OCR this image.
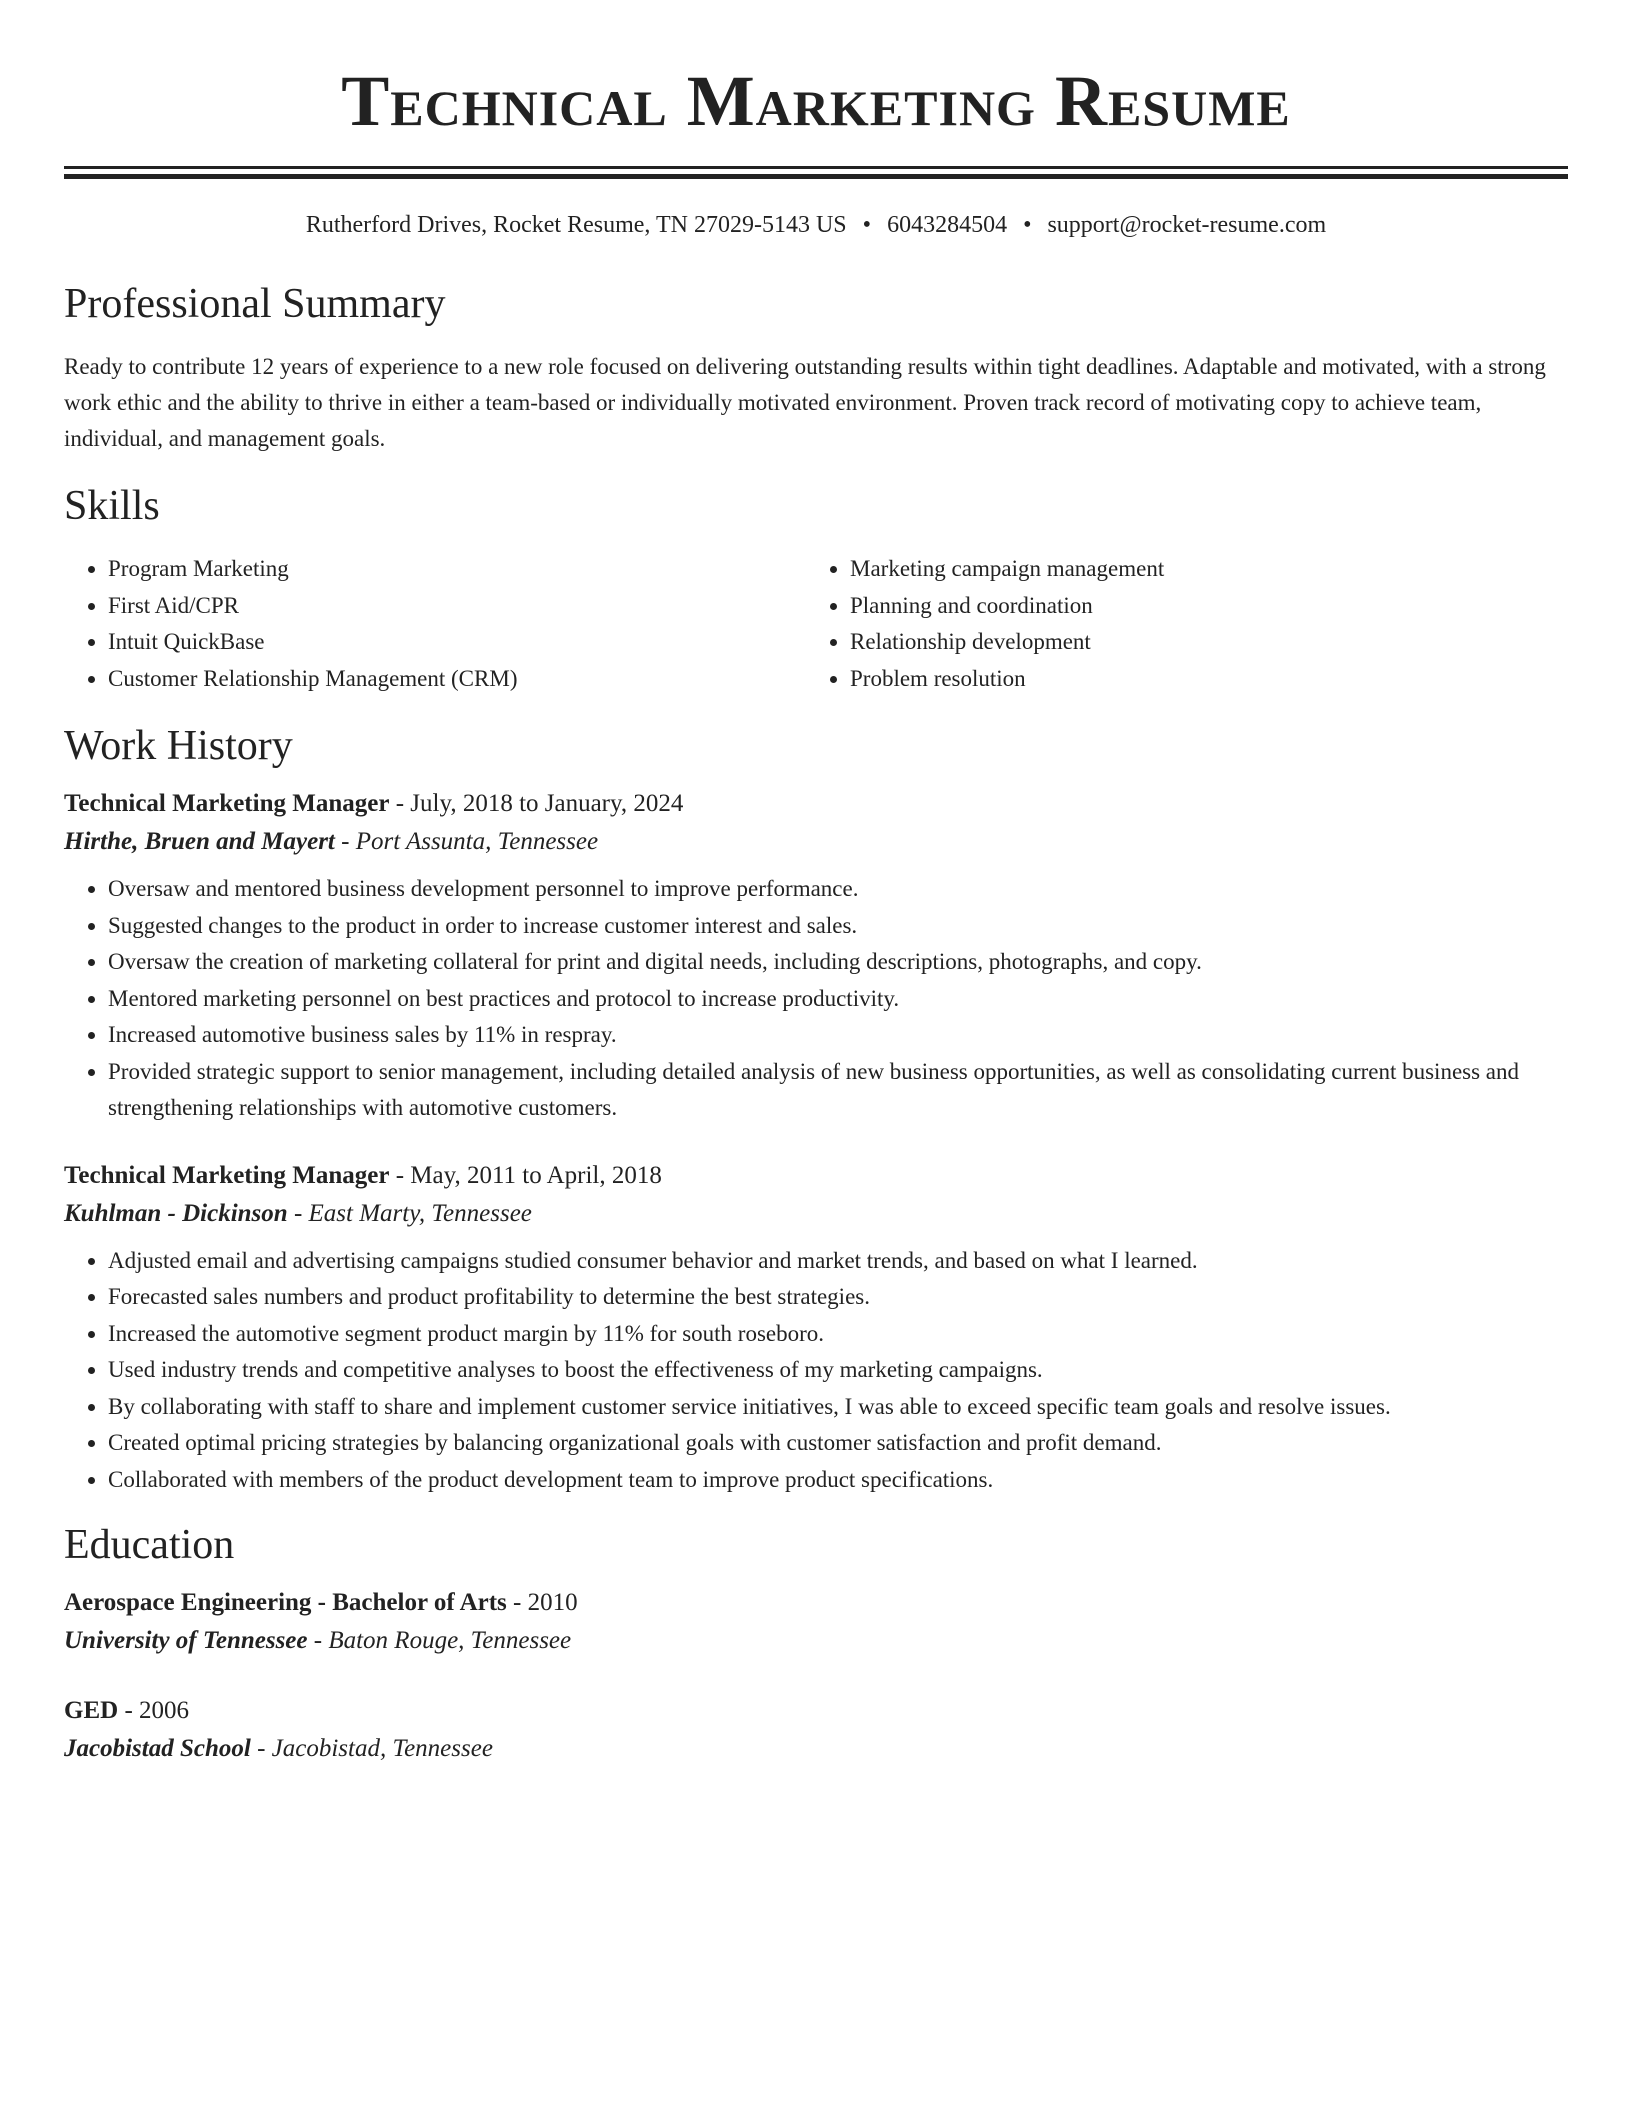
Technical Marketing Resume
Rutherford Drives, Rocket Resume, TN 27029-5143 US • 6043284504 • support@rocket-resume.com
Professional Summary

Ready to contribute 12 years of experience to a new role focused on delivering outstanding results within tight deadlines. Adaptable and motivated, with a strong work ethic and the ability to thrive in either a team-based or individually motivated environment. Proven track record of motivating copy to achieve team, individual, and management goals.

Skills
• Program Marketing
• First Aid/CPR
• Intuit QuickBase
• Customer Relationship Management (CRM)
• Marketing campaign management
• Planning and coordination
• Relationship development
• Problem resolution
Work History
Technical Marketing Manager - July, 2018 to January, 2024
Hirthe, Bruen and Mayert - Port Assunta, Tennessee
• Oversaw and mentored business development personnel to improve performance.
• Suggested changes to the product in order to increase customer interest and sales.
• Oversaw the creation of marketing collateral for print and digital needs, including descriptions, photographs, and copy.
• Mentored marketing personnel on best practices and protocol to increase productivity.
• Increased automotive business sales by 11% in respray.
• Provided strategic support to senior management, including detailed analysis of new business opportunities, as well as consolidating current business and strengthening relationships with automotive customers.
Technical Marketing Manager - May, 2011 to April, 2018
Kuhlman - Dickinson - East Marty, Tennessee
• Adjusted email and advertising campaigns studied consumer behavior and market trends, and based on what I learned.
• Forecasted sales numbers and product profitability to determine the best strategies.
• Increased the automotive segment product margin by 11% for south roseboro.
• Used industry trends and competitive analyses to boost the effectiveness of my marketing campaigns.
• By collaborating with staff to share and implement customer service initiatives, I was able to exceed specific team goals and resolve issues.
• Created optimal pricing strategies by balancing organizational goals with customer satisfaction and profit demand.
• Collaborated with members of the product development team to improve product specifications.
Education
Aerospace Engineering - Bachelor of Arts - 2010
University of Tennessee - Baton Rouge, Tennessee
GED - 2006
Jacobistad School - Jacobistad, Tennessee
